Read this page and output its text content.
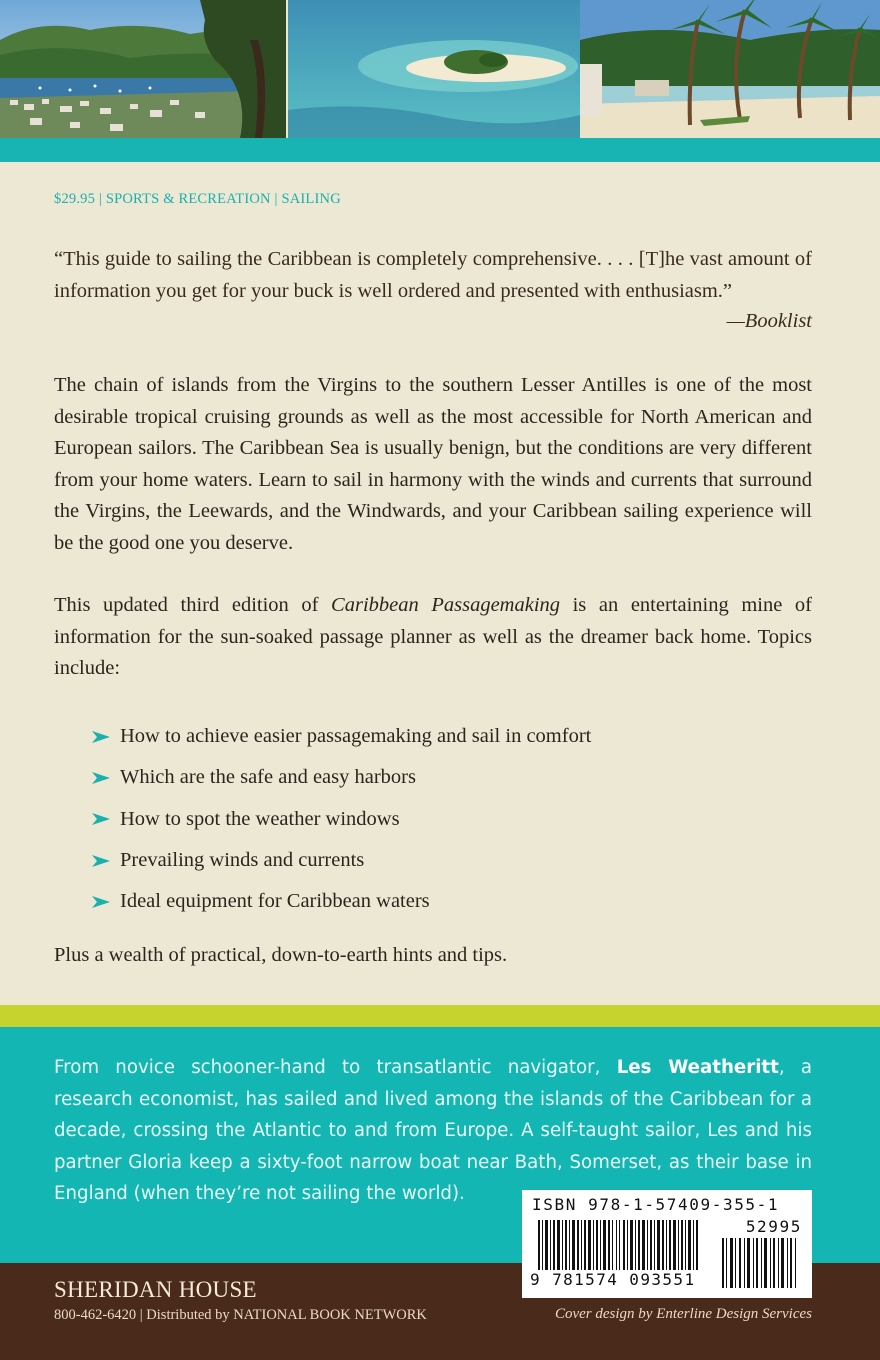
$29.95 | SPORTS & RECREATION | SAILING

“This guide to sailing the Caribbean is completely comprehensive. . . . [T]he vast amount of information you get for your buck is well ordered and presented with enthusiasm.”

—Booklist

The chain of islands from the Virgins to the southern Lesser Antilles is one of the most desirable tropical cruising grounds as well as the most accessible for North American and European sailors. The Caribbean Sea is usually benign, but the conditions are very different from your home waters. Learn to sail in harmony with the winds and currents that surround the Virgins, the Leewards, and the Windwards, and your Caribbean sailing experience will be the good one you deserve.

This updated third edition of Caribbean Passagemaking is an entertaining mine of information for the sun-soaked passage planner as well as the dreamer back home. Topics include:

How to achieve easier passagemaking and sail in comfort
Which are the safe and easy harbors
How to spot the weather windows
Prevailing winds and currents
Ideal equipment for Caribbean waters

Plus a wealth of practical, down-to-earth hints and tips.

From novice schooner-hand to transatlantic navigator, Les Weatheritt, a research economist, has sailed and lived among the islands of the Caribbean for a decade, crossing the Atlantic to and from Europe. A self-taught sailor, Les and his partner Gloria keep a sixty-foot narrow boat near Bath, Somerset, as their base in England (when they’re not sailing the world).

SHERIDAN HOUSE
800-462-6420 | Distributed by NATIONAL BOOK NETWORK	Cover design by Enterline Design Services
ISBN 978-1-57409-355-1
52995
9 781574 093551
